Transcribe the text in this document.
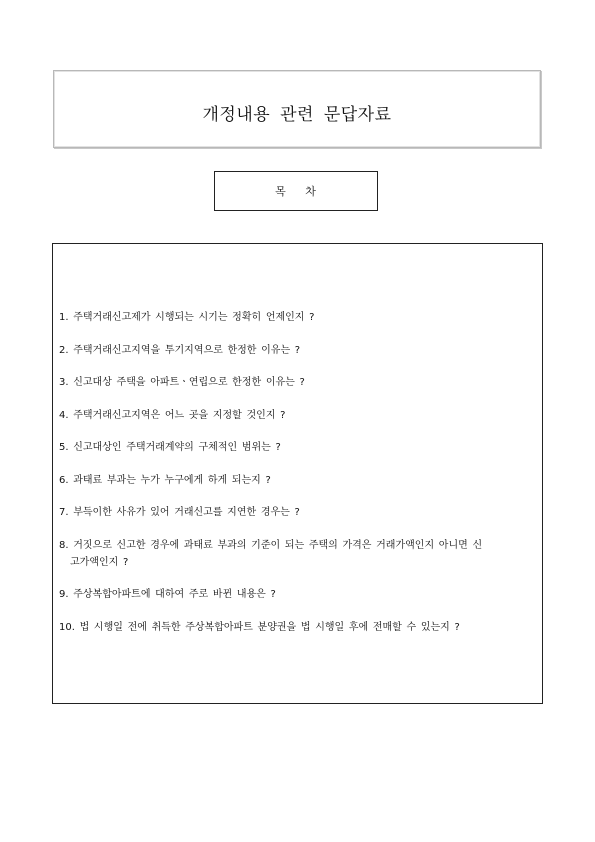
개정내용 관련 문답자료
목 차
1. 주택거래신고제가 시행되는 시기는 정확히 언제인지 ?
2. 주택거래신고지역을 투기지역으로 한정한 이유는 ?
3. 신고대상 주택을 아파트ㆍ연립으로 한정한 이유는 ?
4. 주택거래신고지역은 어느 곳을 지정할 것인지 ?
5. 신고대상인 주택거래계약의 구체적인 범위는 ?
6. 과태료 부과는 누가 누구에게 하게 되는지 ?
7. 부득이한 사유가 있어 거래신고를 지연한 경우는 ?
8. 거짓으로 신고한 경우에 과태료 부과의 기준이 되는 주택의 가격은 거래가액인지 아니면 신
고가액인지 ?
9. 주상복합아파트에 대하여 주로 바뀐 내용은 ?
10. 법 시행일 전에 취득한 주상복합아파트 분양권을 법 시행일 후에 전매할 수 있는지 ?
